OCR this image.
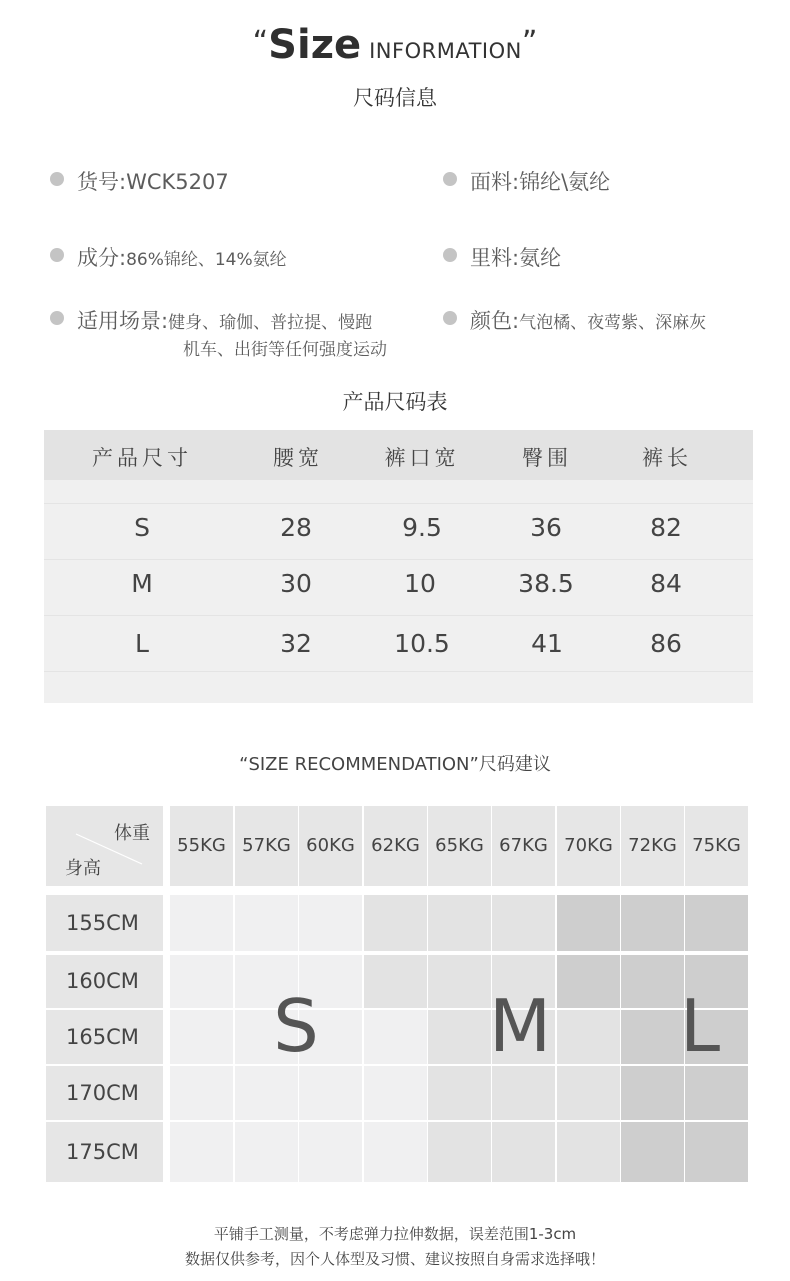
“Size INFORMATION”
尺码信息
货号:WCK5207	面料:锦纶\氨纶
成分:86%锦纶、14%氨纶	里料:氨纶
适用场景:健身、瑜伽、普拉提、慢跑
机车、出街等任何强度运动
颜色:气泡橘、夜莺紫、深麻灰
产品尺码表
产品尺寸	腰宽	裤口宽	臀围	裤长
S	28	9.5	36	82
M	30	10	38.5	84
L	32	10.5	41	86
“SIZE RECOMMENDATION”尺码建议
体重
身高
55KG 57KG 60KG 62KG 65KG 67KG 70KG 72KG 75KG
155CM
160CM
165CM
170CM
175CM
S	M	L
平铺手工测量，不考虑弹力拉伸数据，误差范围1-3cm
数据仅供参考，因个人体型及习惯、建议按照自身需求选择哦！
